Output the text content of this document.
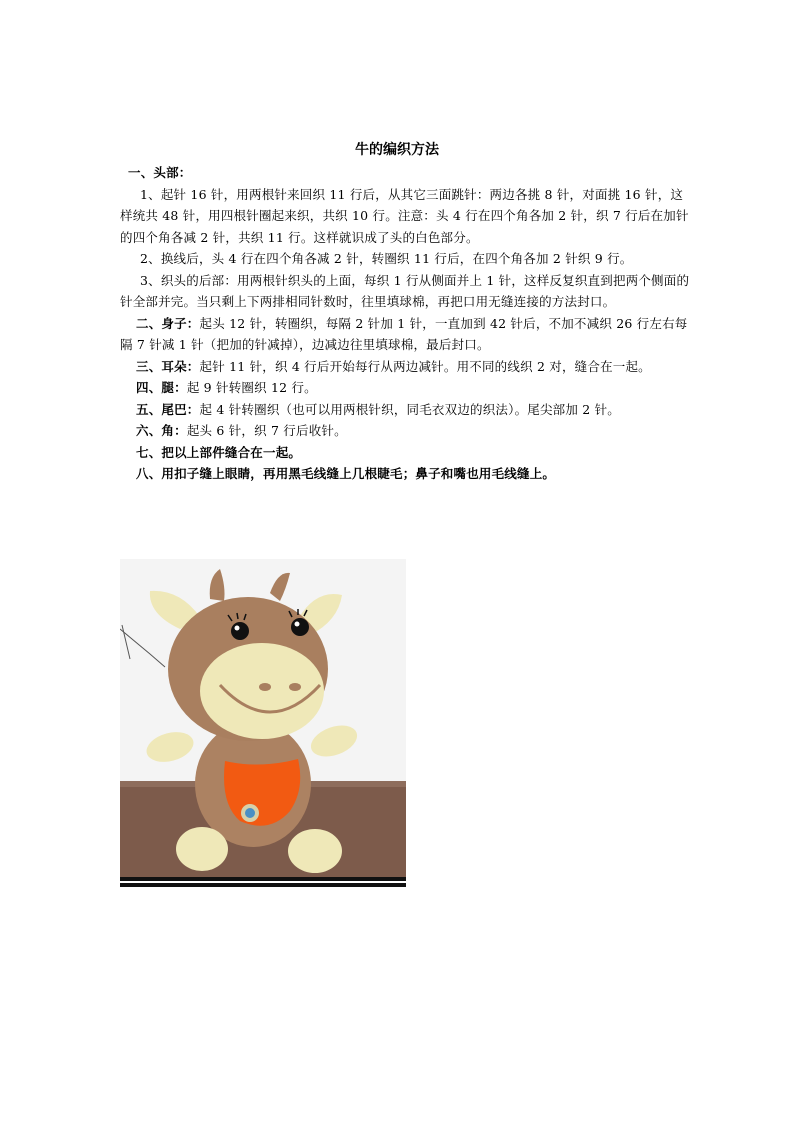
牛的编织方法

一、头部：

1、起针 16 针，用两根针来回织 11 行后，从其它三面跳针：两边各挑 8 针，对面挑 16 针，这样统共 48 针，用四根针圈起来织，共织 10 行。注意：头 4 行在四个角各加 2 针，织 7 行后在加针的四个角各减 2 针，共织 11 行。这样就识成了头的白色部分。

2、换线后，头 4 行在四个角各减 2 针，转圈织 11 行后，在四个角各加 2 针织 9 行。

3、织头的后部：用两根针织头的上面，每织 1 行从侧面并上 1 针，这样反复织直到把两个侧面的针全部并完。当只剩上下两排相同针数时，往里填球棉，再把口用无缝连接的方法封口。

二、身子：起头 12 针，转圈织，每隔 2 针加 1 针，一直加到 42 针后，不加不减织 26 行左右每隔 7 针减 1 针（把加的针减掉），边减边往里填球棉，最后封口。

三、耳朵：起针 11 针，织 4 行后开始每行从两边减针。用不同的线织 2 对，缝合在一起。

四、腿：起 9 针转圈织 12 行。

五、尾巴：起 4 针转圈织（也可以用两根针织，同毛衣双边的织法）。尾尖部加 2 针。

六、角：起头 6 针，织 7 行后收针。

七、把以上部件缝合在一起。

八、用扣子缝上眼睛，再用黑毛线缝上几根睫毛；鼻子和嘴也用毛线缝上。
